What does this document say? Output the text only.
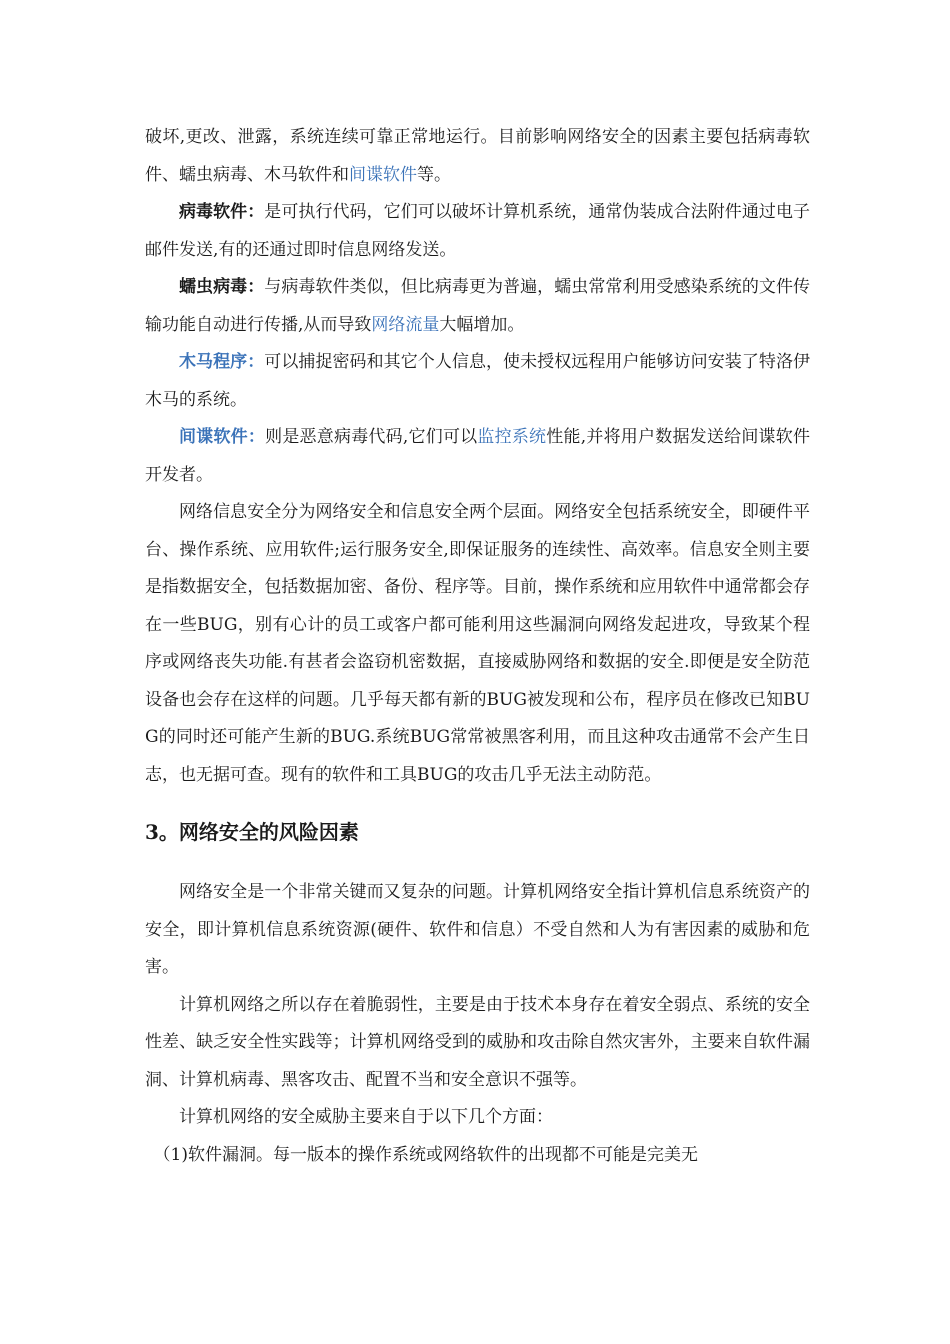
破坏,更改、泄露，系统连续可靠正常地运行。目前影响网络安全的因素主要包括病毒软件、蠕虫病毒、木马软件和间谍软件等。

病毒软件：是可执行代码，它们可以破坏计算机系统，通常伪装成合法附件通过电子邮件发送,有的还通过即时信息网络发送。

蠕虫病毒：与病毒软件类似，但比病毒更为普遍，蠕虫常常利用受感染系统的文件传输功能自动进行传播,从而导致网络流量大幅增加。

木马程序：可以捕捉密码和其它个人信息，使未授权远程用户能够访问安装了特洛伊木马的系统。

间谍软件：则是恶意病毒代码,它们可以监控系统性能,并将用户数据发送给间谍软件开发者。

网络信息安全分为网络安全和信息安全两个层面。网络安全包括系统安全，即硬件平台、操作系统、应用软件;运行服务安全,即保证服务的连续性、高效率。信息安全则主要是指数据安全，包括数据加密、备份、程序等。目前，操作系统和应用软件中通常都会存在一些BUG，别有心计的员工或客户都可能利用这些漏洞向网络发起进攻，导致某个程序或网络丧失功能.有甚者会盗窃机密数据，直接威胁网络和数据的安全.即便是安全防范设备也会存在这样的问题。几乎每天都有新的BUG被发现和公布，程序员在修改已知BUG的同时还可能产生新的BUG.系统BUG常常被黑客利用，而且这种攻击通常不会产生日志，也无据可查。现有的软件和工具BUG的攻击几乎无法主动防范。

3。网络安全的风险因素

网络安全是一个非常关键而又复杂的问题。计算机网络安全指计算机信息系统资产的安全，即计算机信息系统资源(硬件、软件和信息）不受自然和人为有害因素的威胁和危害。

计算机网络之所以存在着脆弱性，主要是由于技术本身存在着安全弱点、系统的安全性差、缺乏安全性实践等；计算机网络受到的威胁和攻击除自然灾害外，主要来自软件漏洞、计算机病毒、黑客攻击、配置不当和安全意识不强等。

计算机网络的安全威胁主要来自于以下几个方面：

（1)软件漏洞。每一版本的操作系统或网络软件的出现都不可能是完美无
